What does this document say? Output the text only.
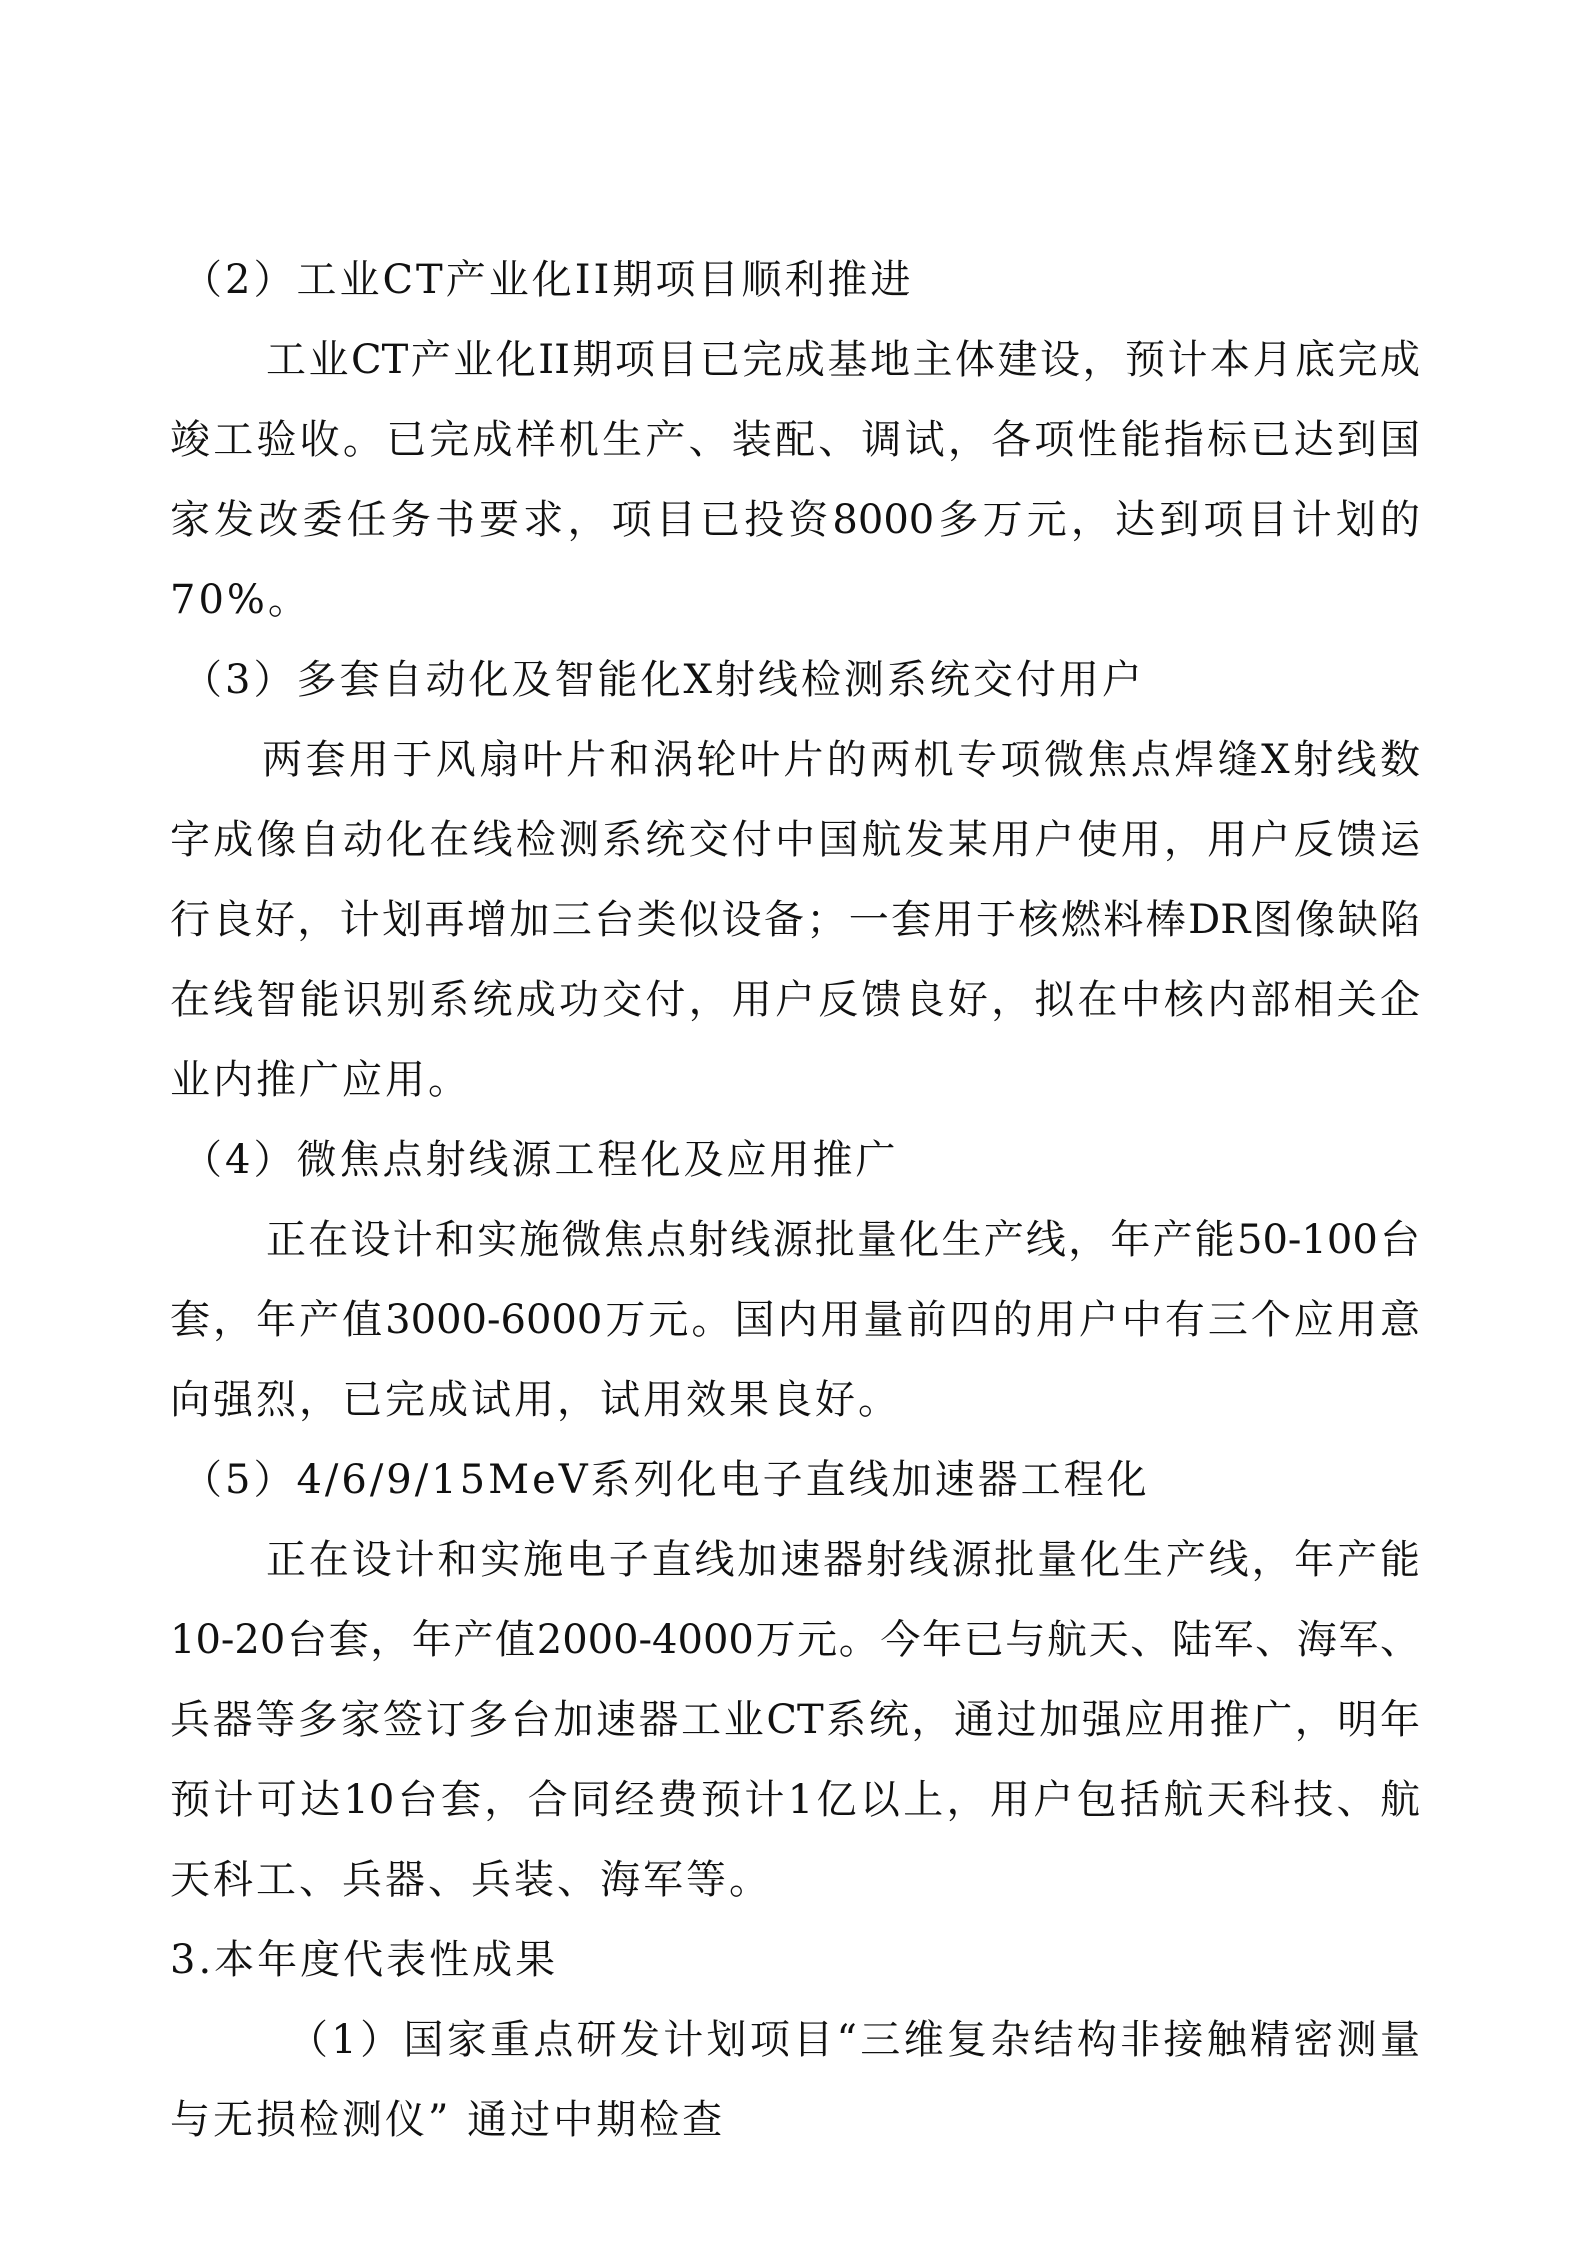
（2）工业CT产业化II期项目顺利推进
工业CT产业化II期项目已完成基地主体建设，预计本月底完成
竣工验收。已完成样机生产、装配、调试，各项性能指标已达到国
家发改委任务书要求，项目已投资8000多万元，达到项目计划的
70%。
（3）多套自动化及智能化X射线检测系统交付用户
两套用于风扇叶片和涡轮叶片的两机专项微焦点焊缝X射线数
字成像自动化在线检测系统交付中国航发某用户使用，用户反馈运
行良好，计划再增加三台类似设备；一套用于核燃料棒DR图像缺陷
在线智能识别系统成功交付，用户反馈良好，拟在中核内部相关企
业内推广应用。
（4）微焦点射线源工程化及应用推广
正在设计和实施微焦点射线源批量化生产线，年产能50-100台
套，年产值3000-6000万元。国内用量前四的用户中有三个应用意
向强烈，已完成试用，试用效果良好。
（5）4/6/9/15MeV系列化电子直线加速器工程化
正在设计和实施电子直线加速器射线源批量化生产线，年产能
10-20台套，年产值2000-4000万元。今年已与航天、陆军、海军、
兵器等多家签订多台加速器工业CT系统，通过加强应用推广，明年
预计可达10台套，合同经费预计1亿以上，用户包括航天科技、航
天科工、兵器、兵装、海军等。
3.本年度代表性成果
（1）国家重点研发计划项目“三维复杂结构非接触精密测量
与无损检测仪” 通过中期检查
